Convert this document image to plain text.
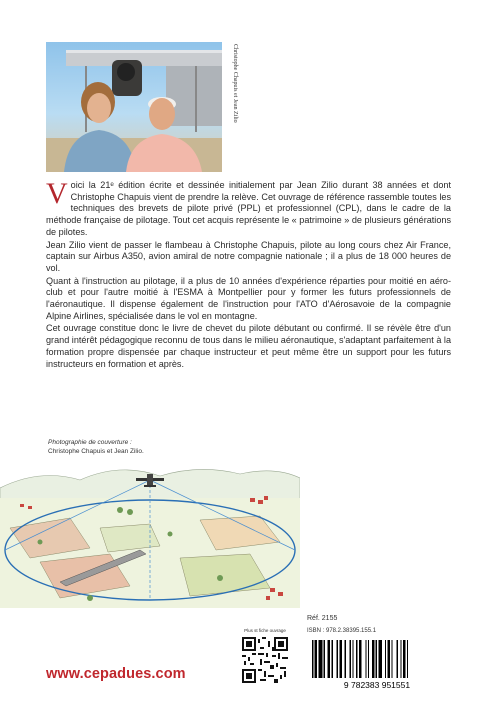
Christophe Chapuis et Jean Zilio

Voici la 21ᵉ édition écrite et dessinée initialement par Jean Zilio durant 38 années et dont Christophe Chapuis vient de prendre la relève. Cet ouvrage de référence rassemble toutes les techniques des brevets de pilote privé (PPL) et professionnel (CPL), dans le cadre de la méthode française de pilotage. Tout cet acquis représente le « patrimoine » de plusieurs générations de pilotes.

Jean Zilio vient de passer le flambeau à Christophe Chapuis, pilote au long cours chez Air France, captain sur Airbus A350, avion amiral de notre compagnie nationale ; il a plus de 18 000 heures de vol.

Quant à l'instruction au pilotage, il a plus de 10 années d'expérience réparties pour moitié en aéro-club et pour l'autre moitié à l'ESMA à Montpellier pour y former les futurs professionnels de l'aéronautique. Il dispense également de l'instruction pour l'ATO d'Aérosavoie de la compagnie Alpine Airlines, spécialisée dans le vol en montagne.

Cet ouvrage constitue donc le livre de chevet du pilote débutant ou confirmé. Il se révèle être d'un grand intérêt pédagogique reconnu de tous dans le milieu aéronautique, s'adaptant parfaitement à la formation propre dispensée par chaque instructeur et peut même être un support pour les futurs instructeurs en formation et après.

Photographie de couverture :
Christophe Chapuis et Jean Zilio.
Plus st fiche ouvrage
Réf. 2155
ISBN : 978.2.38395.155.1
9 782383 951551
www.cepadues.com
